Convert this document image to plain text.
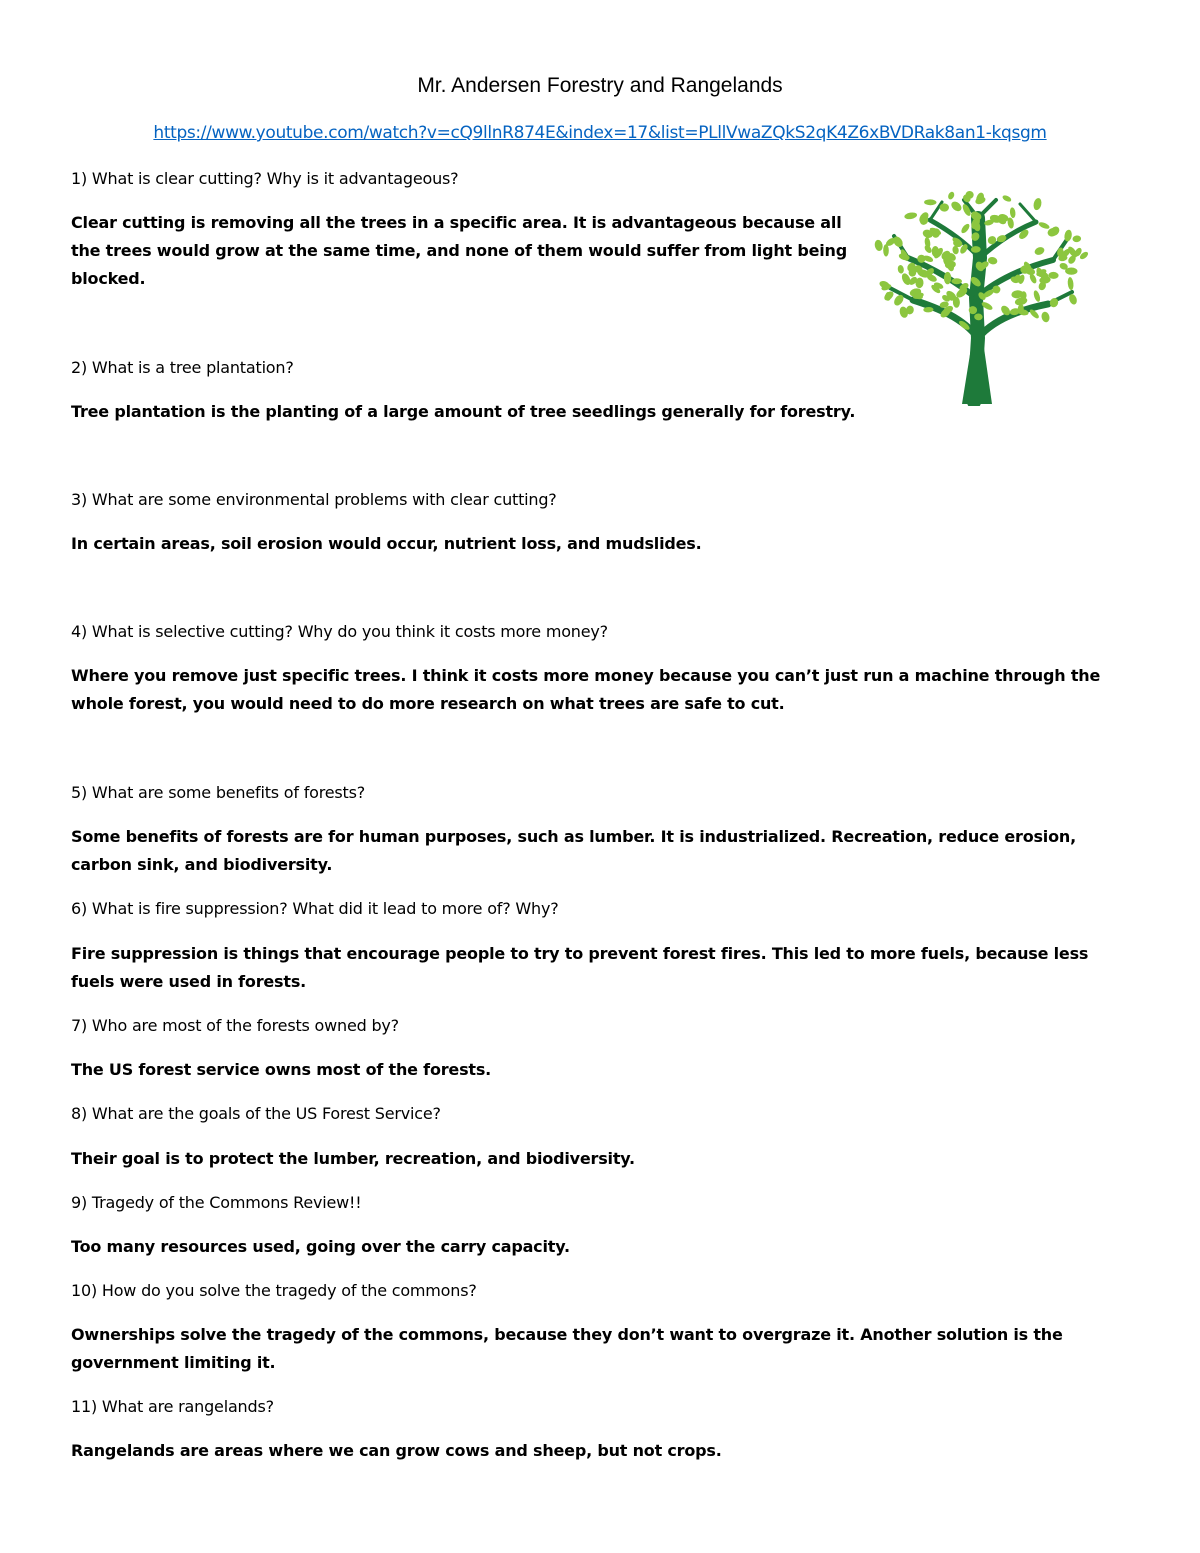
Mr. Andersen Forestry and Rangelands
https://www.youtube.com/watch?v=cQ9llnR874E&index=17&list=PLllVwaZQkS2qK4Z6xBVDRak8an1-kqsgm
1) What is clear cutting? Why is it advantageous?
Clear cutting is removing all the trees in a specific area. It is advantageous because all the trees would grow at the same time, and none of them would suffer from light being blocked.
2) What is a tree plantation?
Tree plantation is the planting of a large amount of tree seedlings generally for forestry.
3) What are some environmental problems with clear cutting?
In certain areas, soil erosion would occur, nutrient loss, and mudslides.
4) What is selective cutting? Why do you think it costs more money?
Where you remove just specific trees. I think it costs more money because you can’t just run a machine through the whole forest, you would need to do more research on what trees are safe to cut.
5) What are some benefits of forests?
Some benefits of forests are for human purposes, such as lumber. It is industrialized. Recreation, reduce erosion, carbon sink, and biodiversity.
6) What is fire suppression? What did it lead to more of? Why?
Fire suppression is things that encourage people to try to prevent forest fires. This led to more fuels, because less fuels were used in forests.
7) Who are most of the forests owned by?
The US forest service owns most of the forests.
8) What are the goals of the US Forest Service?
Their goal is to protect the lumber, recreation, and biodiversity.
9) Tragedy of the Commons Review!!
Too many resources used, going over the carry capacity.
10) How do you solve the tragedy of the commons?
Ownerships solve the tragedy of the commons, because they don’t want to overgraze it. Another solution is the government limiting it.
11) What are rangelands?
Rangelands are areas where we can grow cows and sheep, but not crops.
